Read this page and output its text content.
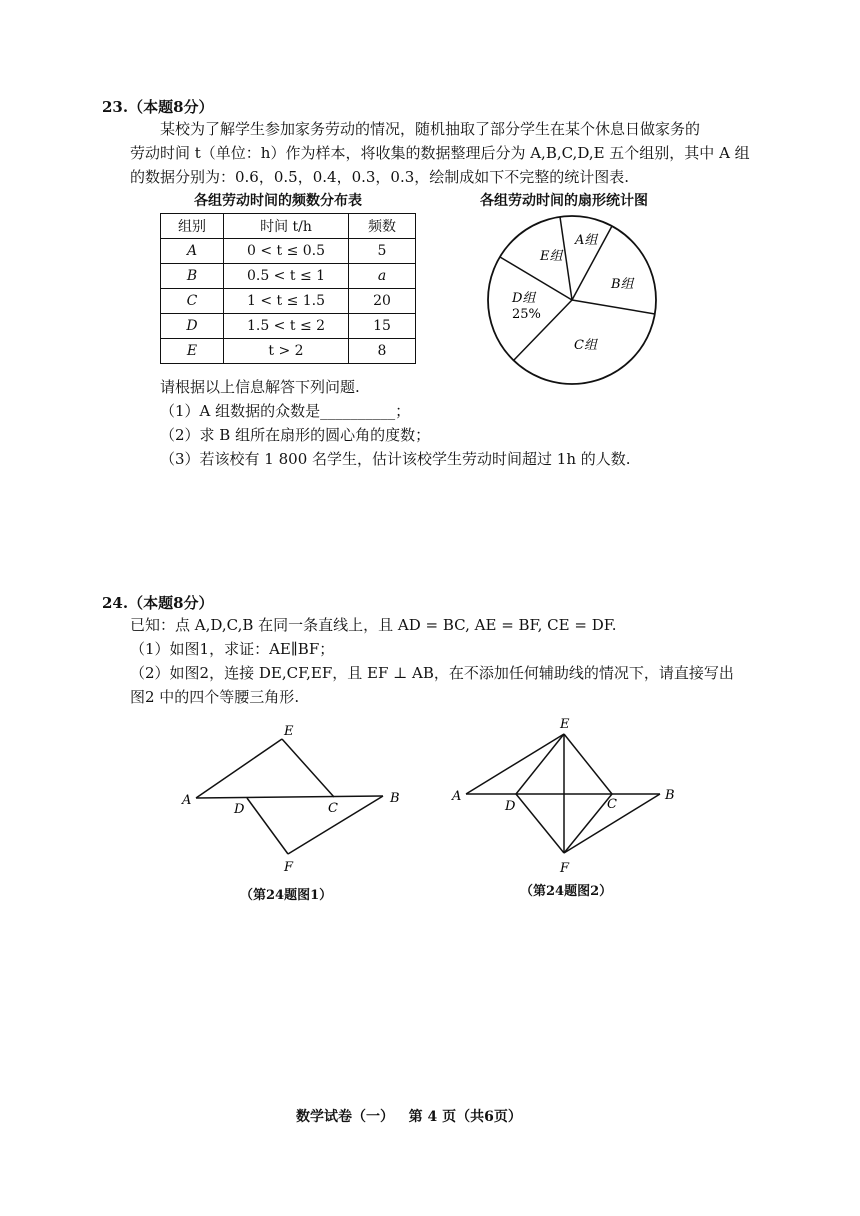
23.（本题8分）
某校为了解学生参加家务劳动的情况，随机抽取了部分学生在某个休息日做家务的
劳动时间 t（单位：h）作为样本，将收集的数据整理后分为 A,B,C,D,E 五个组别，其中 A 组
的数据分别为：0.6，0.5，0.4，0.3，0.3，绘制成如下不完整的统计图表.
各组劳动时间的频数分布表
组别	时间 t/h	频数
A	0 < t ≤ 0.5	5
B	0.5 < t ≤ 1	a
C	1 < t ≤ 1.5	20
D	1.5 < t ≤ 2	15
E	t > 2	8
各组劳动时间的扇形统计图
A组
B组
C组
D组
25%
E组
请根据以上信息解答下列问题.
（1）A 组数据的众数是__________；
（2）求 B 组所在扇形的圆心角的度数；
（3）若该校有 1 800 名学生，估计该校学生劳动时间超过 1h 的人数.
24.（本题8分）
已知：点 A,D,C,B 在同一条直线上，且 AD = BC, AE = BF, CE = DF.
（1）如图1，求证：AE∥BF；
（2）如图2，连接 DE,CF,EF，且 EF ⊥ AB，在不添加任何辅助线的情况下，请直接写出
图2 中的四个等腰三角形.
A
D	C
B
E
F
（第24题图1）
A
D	C
B
E
F
（第24题图2）
数学试卷（一）   第 4 页（共6页）
